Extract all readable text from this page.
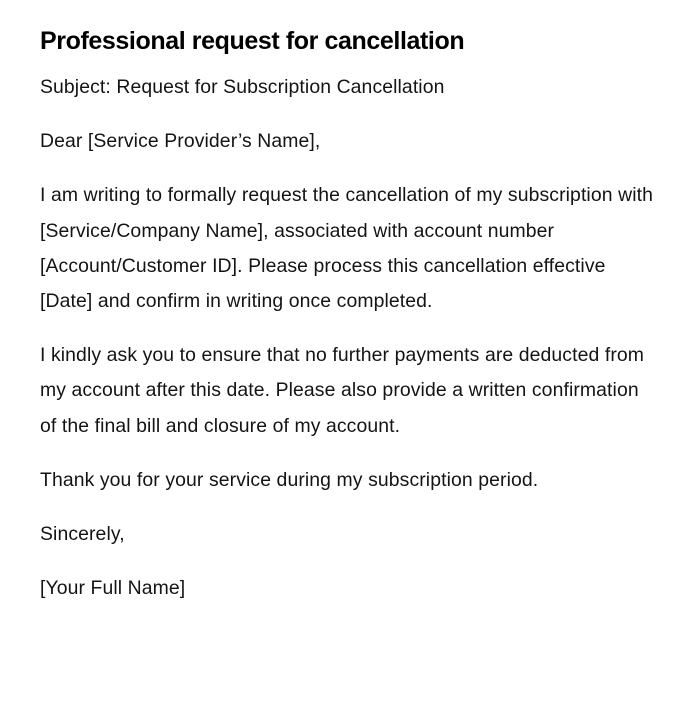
Professional request for cancellation

Subject: Request for Subscription Cancellation

Dear [Service Provider’s Name],

I am writing to formally request the cancellation of my subscription with [Service/Company Name], associated with account number [Account/Customer ID]. Please process this cancellation effective [Date] and confirm in writing once completed.

I kindly ask you to ensure that no further payments are deducted from my account after this date. Please also provide a written confirmation of the final bill and closure of my account.

Thank you for your service during my subscription period.

Sincerely,

[Your Full Name]
